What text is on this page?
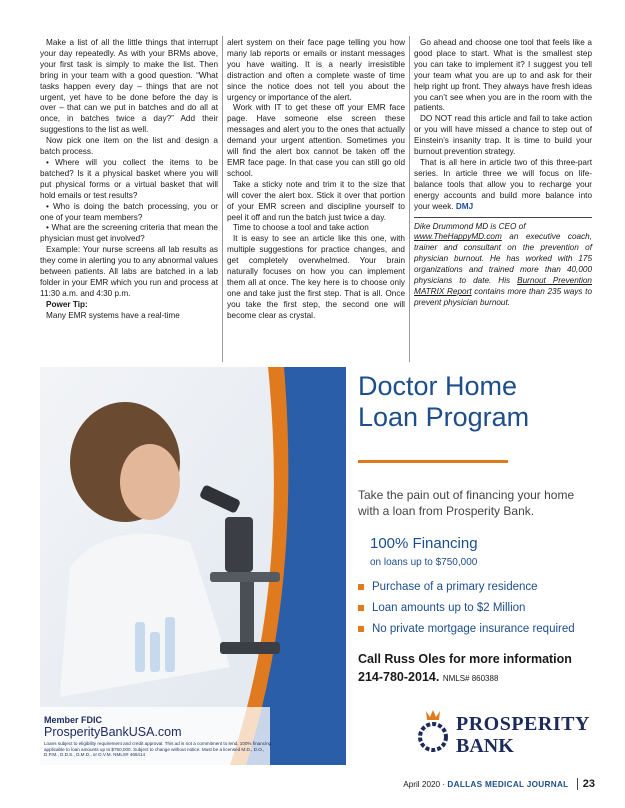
Make a list of all the little things that interrupt your day repeatedly. As with your BRMs above, your first task is simply to make the list. Then bring in your team with a good question. “What tasks happen every day – things that are not urgent, yet have to be done before the day is over – that can we put in batches and do all at once, in batches twice a day?” Add their suggestions to the list as well.

Now pick one item on the list and design a batch process.

• Where will you collect the items to be batched? Is it a physical basket where you will put physical forms or a virtual basket that will hold emails or test results?

• Who is doing the batch processing, you or one of your team members?

• What are the screening criteria that mean the physician must get involved?

Example: Your nurse screens all lab results as they come in alerting you to any abnormal values between patients. All labs are batched in a lab folder in your EMR which you run and process at 11:30 a.m. and 4:30 p.m.

Power Tip:

Many EMR systems have a real-time

alert system on their face page telling you how many lab reports or emails or instant messages you have waiting. It is a nearly irresistible distraction and often a complete waste of time since the notice does not tell you about the urgency or importance of the alert.

Work with IT to get these off your EMR face page. Have someone else screen these messages and alert you to the ones that actually demand your urgent attention. Sometimes you will find the alert box cannot be taken off the EMR face page. In that case you can still go old school.

Take a sticky note and trim it to the size that will cover the alert box. Stick it over that portion of your EMR screen and discipline yourself to peel it off and run the batch just twice a day.

Time to choose a tool and take action

It is easy to see an article like this one, with multiple suggestions for practice changes, and get completely overwhelmed. Your brain naturally focuses on how you can implement them all at once. The key here is to choose only one and take just the first step. That is all. Once you take the first step, the second one will become clear as crystal.

Go ahead and choose one tool that feels like a good place to start. What is the smallest step you can take to implement it? I suggest you tell your team what you are up to and ask for their help right up front. They always have fresh ideas you can’t see when you are in the room with the patients.

DO NOT read this article and fail to take action or you will have missed a chance to step out of Einstein’s insanity trap. It is time to build your burnout prevention strategy.

That is all here in article two of this three-part series. In article three we will focus on life-balance tools that allow you to recharge your energy accounts and build more balance into your week. DMJ

Dike Drummond MD is CEO of
www.TheHappyMD.com an executive coach, trainer and consultant on the prevention of physician burnout. He has worked with 175 organizations and trained more than 40,000 physicians to date. His Burnout Prevention MATRIX Report contains more than 235 ways to prevent physician burnout.
Member FDIC
ProsperityBankUSA.com
Loans subject to eligibility requirement and credit approval. This ad is not a commitment to lend. 100% financing applicable to loan amounts up to $750,000. Subject to change without notice. Must be a licensed M.D., D.O., D.P.M., D.D.S., D.M.D., or D.V.M. NMLS# 468414
Doctor Home
Loan Program
Take the pain out of financing your home with a loan from Prosperity Bank.
100% Financing
on loans up to $750,000
Purchase of a primary residence
Loan amounts up to $2 Million
No private mortgage insurance required
Call Russ Oles for more information
214-780-2014. NMLS# 860388
PROSPERITY
BANK
April 2020 · DALLAS MEDICAL JOURNAL 23
